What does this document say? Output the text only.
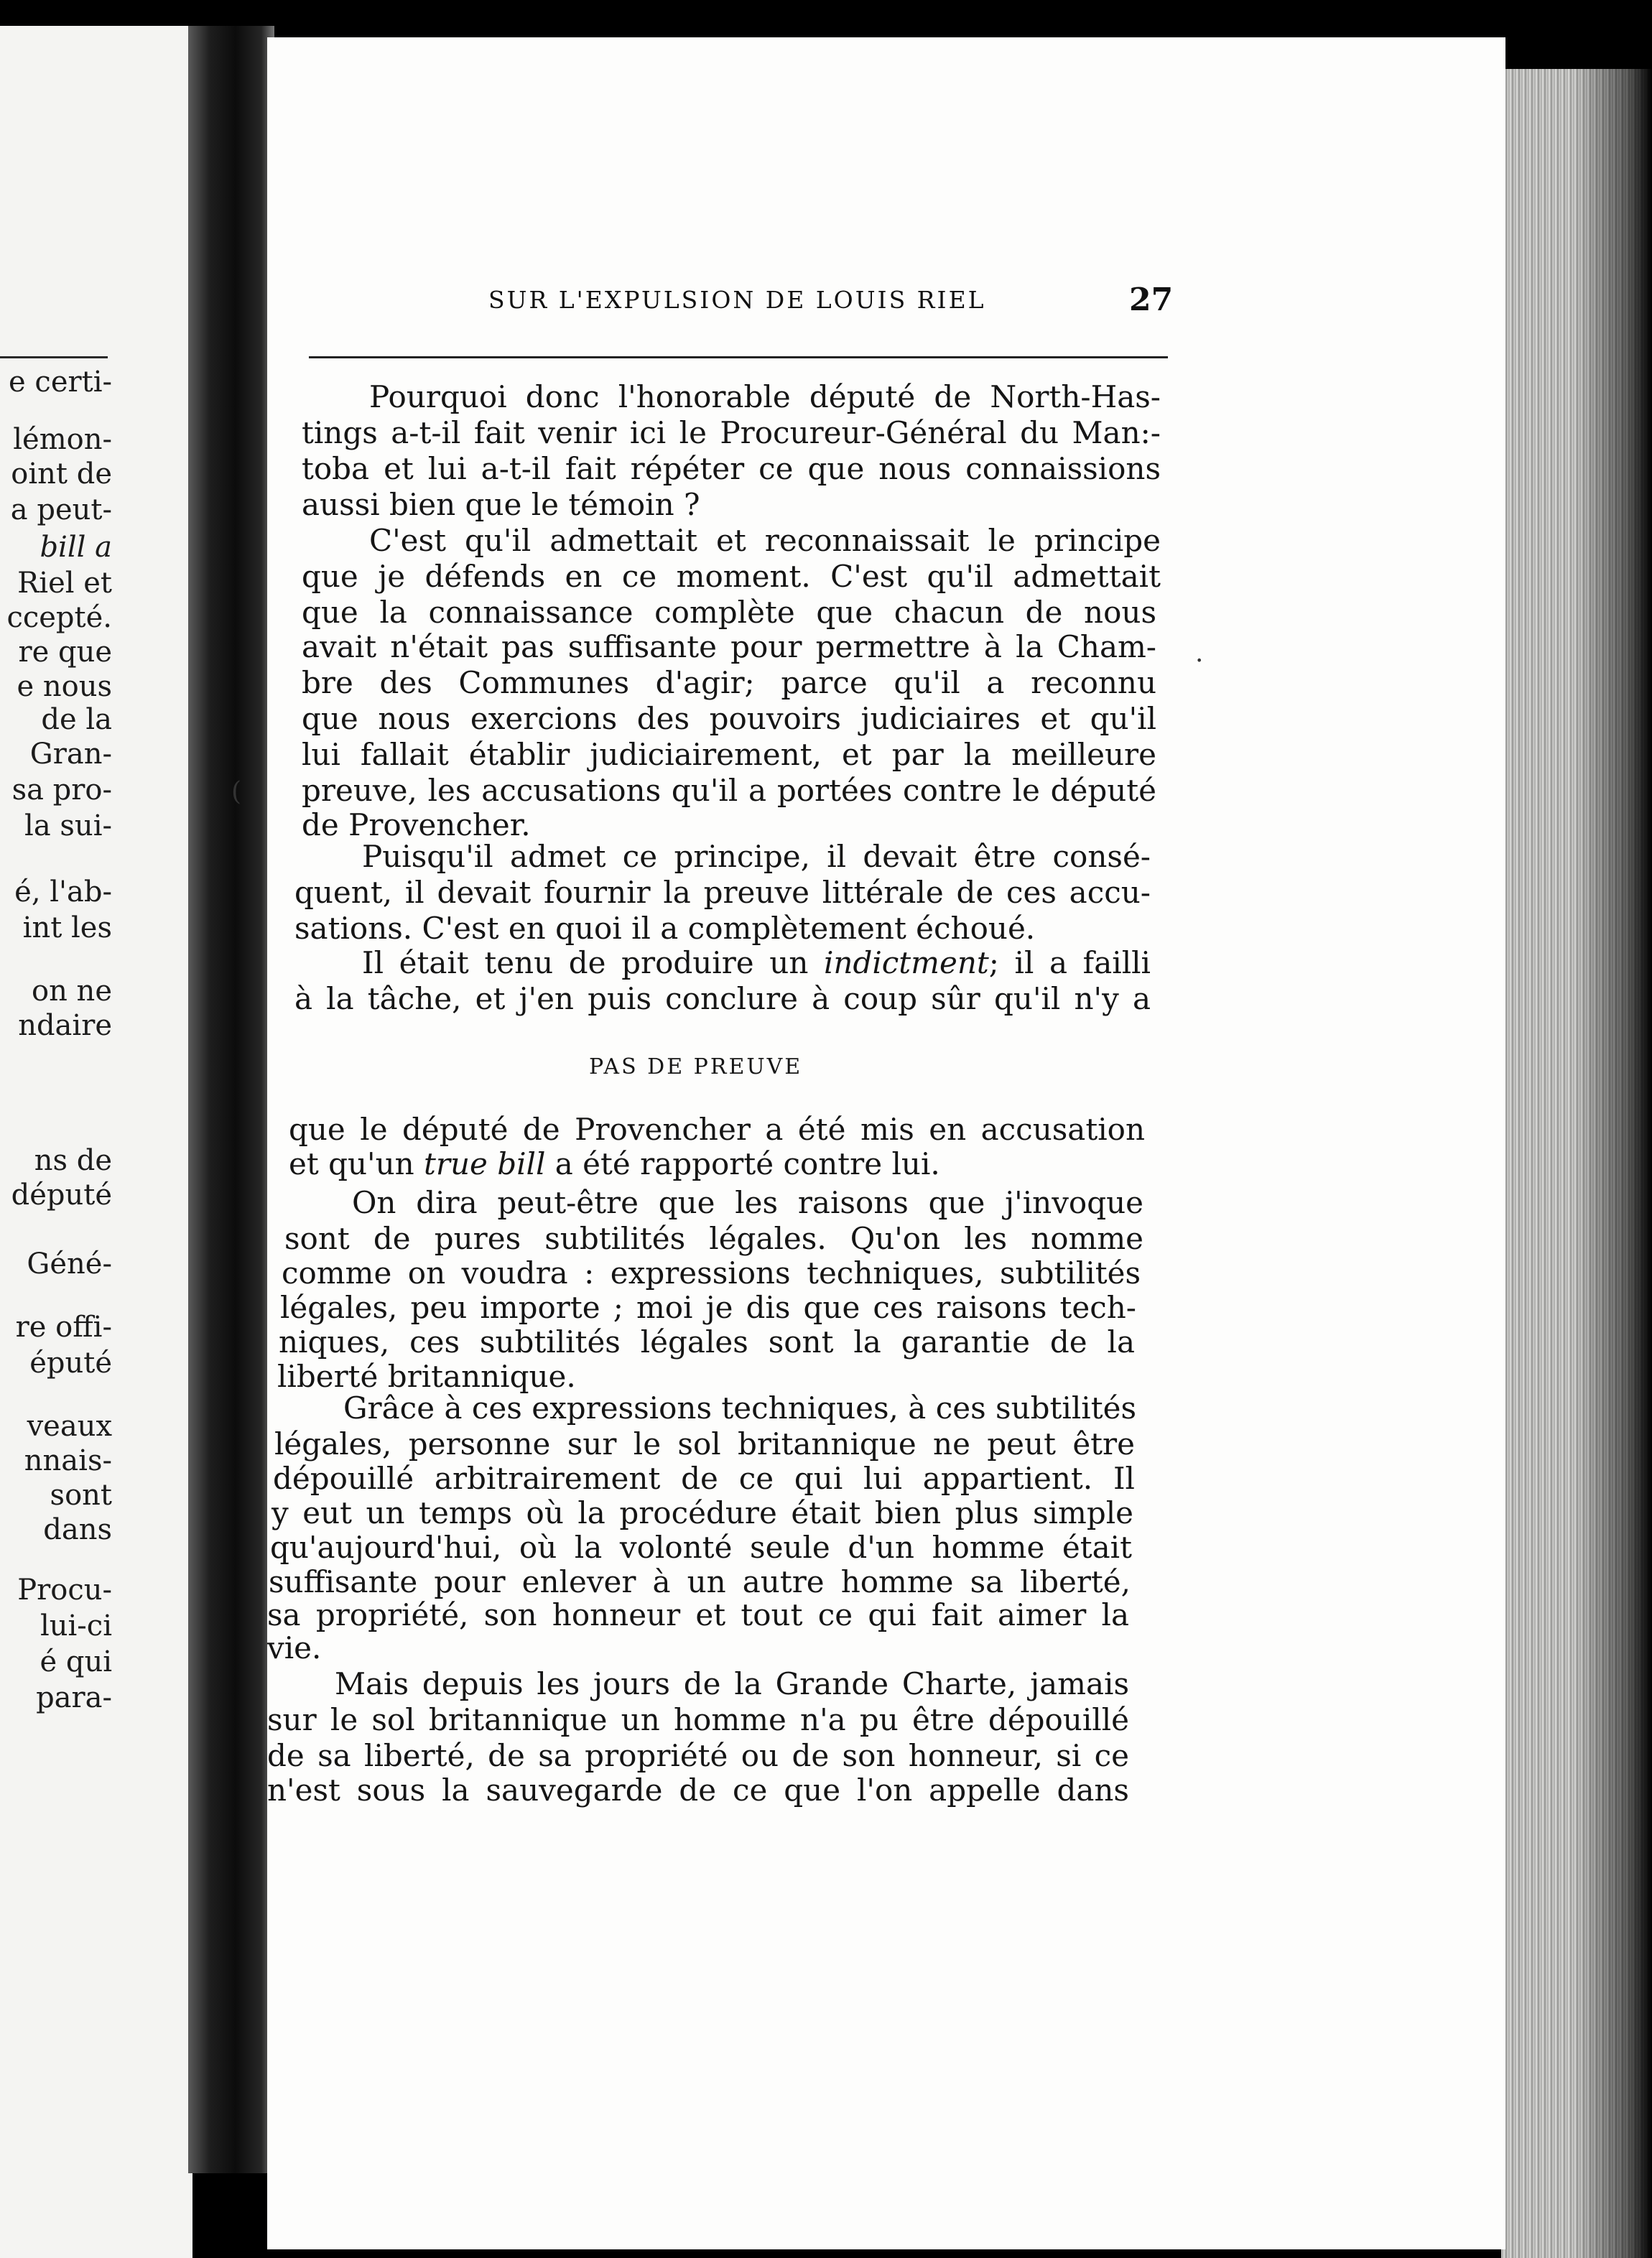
e certi-
lémon-
oint de
a peut-
bill a
Riel et
ccepté.
re que
e nous
de la
Gran-
sa pro-
la sui-
é, l'ab-
int les
on ne
ndaire
ns de
député
Géné-
re offi-
éputé
veaux
nnais-
sont
dans
Procu-
lui-ci
é qui
para-
SUR L'EXPULSION DE LOUIS RIEL	27
Pourquoi donc l'honorable député de North-Has-
tings a-t-il fait venir ici le Procureur-Général du Man:-
toba et lui a-t-il fait répéter ce que nous connaissions
aussi bien que le témoin ?
C'est qu'il admettait et reconnaissait le principe
que je défends en ce moment. C'est qu'il admettait
que la connaissance complète que chacun de nous
avait n'était pas suffisante pour permettre à la Cham-
bre des Communes d'agir; parce qu'il a reconnu
que nous exercions des pouvoirs judiciaires et qu'il
lui fallait établir judiciairement, et par la meilleure
preuve, les accusations qu'il a portées contre le député
de Provencher.
Puisqu'il admet ce principe, il devait être consé-
quent, il devait fournir la preuve littérale de ces accu-
sations. C'est en quoi il a complètement échoué.
Il était tenu de produire un indictment; il a failli
à la tâche, et j'en puis conclure à coup sûr qu'il n'y a
que le député de Provencher a été mis en accusation
et qu'un true bill a été rapporté contre lui.
On dira peut-être que les raisons que j'invoque
sont de pures subtilités légales. Qu'on les nomme
comme on voudra : expressions techniques, subtilités
légales, peu importe ; moi je dis que ces raisons tech-
niques, ces subtilités légales sont la garantie de la
liberté britannique.
Grâce à ces expressions techniques, à ces subtilités
légales, personne sur le sol britannique ne peut être
dépouillé arbitrairement de ce qui lui appartient. Il
y eut un temps où la procédure était bien plus simple
qu'aujourd'hui, où la volonté seule d'un homme était
suffisante pour enlever à un autre homme sa liberté,
sa propriété, son honneur et tout ce qui fait aimer la
vie.
Mais depuis les jours de la Grande Charte, jamais
sur le sol britannique un homme n'a pu être dépouillé
de sa liberté, de sa propriété ou de son honneur, si ce
n'est sous la sauvegarde de ce que l'on appelle dans
PAS DE PREUVE
·
(
